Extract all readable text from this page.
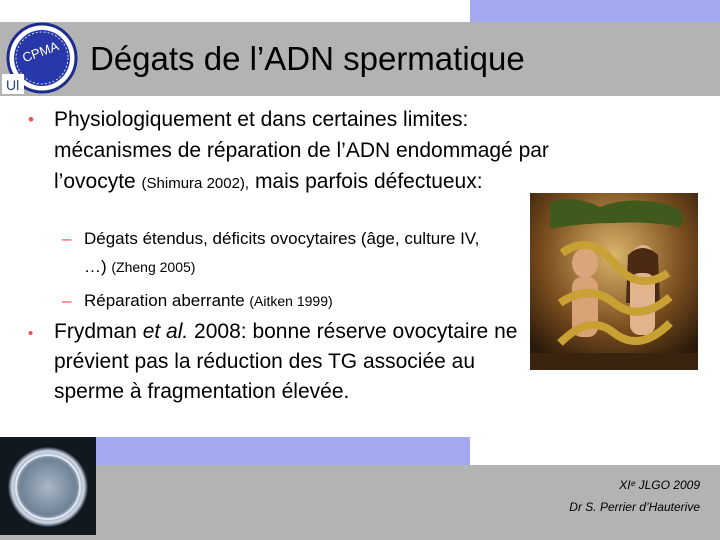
CPMA
Ul
Dégats de l’ADN spermatique
• Physiologiquement et dans certaines limites: mécanismes de réparation de l’ADN endommagé par l’ovocyte (Shimura 2002), mais parfois défectueux:
– Dégats étendus, déficits ovocytaires (âge, culture IV, …) (Zheng 2005)
– Réparation aberrante (Aitken 1999)
• Frydman et al. 2008: bonne réserve ovocytaire ne prévient pas la réduction des TG associée au sperme à fragmentation élevée.
XIᵉ JLGO 2009
Dr S. Perrier d’Hauterive
